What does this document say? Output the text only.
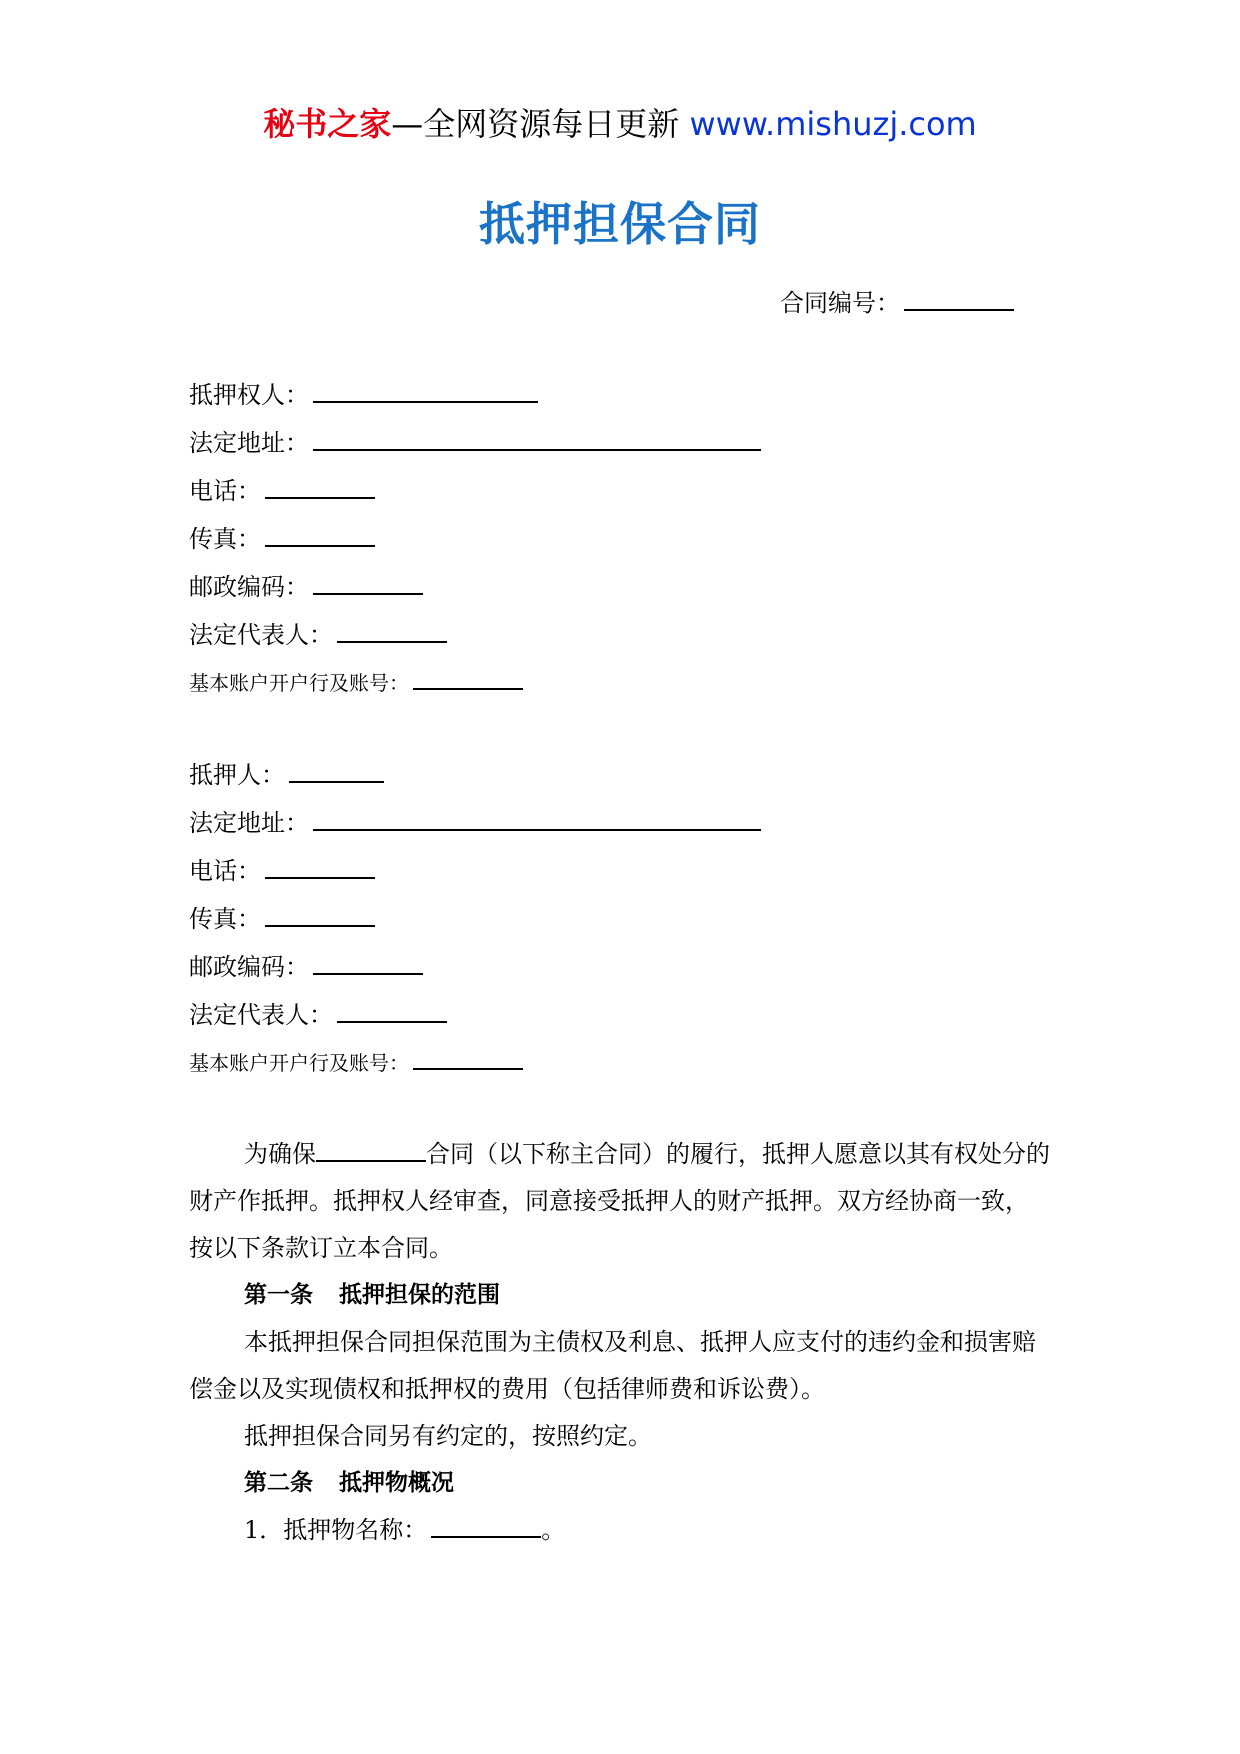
秘书之家—全网资源每日更新 www.mishuzj.com
抵押担保合同
合同编号：
抵押权人：
法定地址：
电话：
传真：
邮政编码：
法定代表人：
基本账户开户行及账号：
抵押人：
法定地址：
电话：
传真：
邮政编码：
法定代表人：
基本账户开户行及账号：

为确保	合同（以下称主合同）的履行，抵押人愿意以其有权处分的财产作抵押。抵押权人经审查，同意接受抵押人的财产抵押。双方经协商一致，按以下条款订立本合同。

第一条 抵押担保的范围

本抵押担保合同担保范围为主债权及利息、抵押人应支付的违约金和损害赔偿金以及实现债权和抵押权的费用（包括律师费和诉讼费）。

抵押担保合同另有约定的，按照约定。

第二条 抵押物概况

1．抵押物名称：	。
